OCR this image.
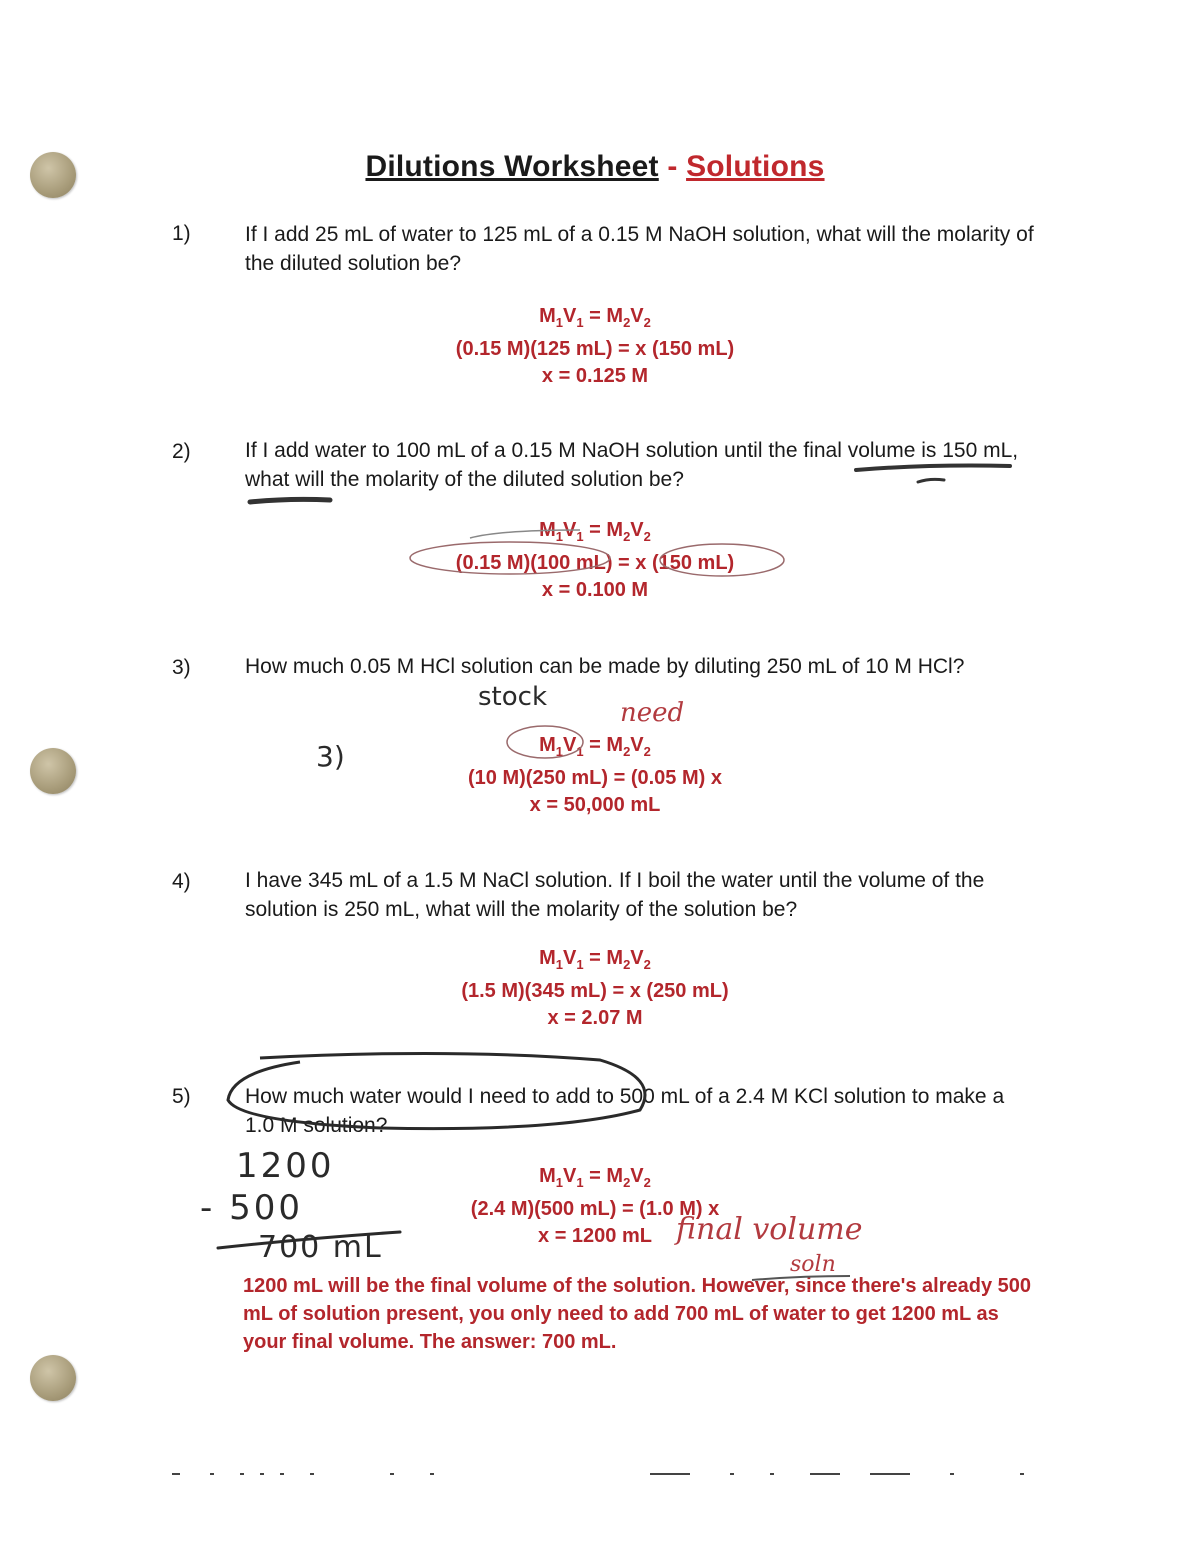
Dilutions Worksheet - Solutions
1)	If I add 25 mL of water to 125 mL of a 0.15 M NaOH solution, what will the molarity of the diluted solution be?
$M_1V_1 = M_2V_2$
(0.15 M)(125 mL) = x (150 mL)
x = 0.125 M
2)	If I add water to 100 mL of a 0.15 M NaOH solution until the final volume is 150 mL, what will the molarity of the diluted solution be?
$M_1V_1 = M_2V_2$
(0.15 M)(100 mL) = x (150 mL)
x = 0.100 M
3)	How much 0.05 M HCl solution can be made by diluting 250 mL of 10 M HCl?
$M_1V_1 = M_2V_2$
(10 M)(250 mL) = (0.05 M) x
x = 50,000 mL
stock
need
3)
4)	I have 345 mL of a 1.5 M NaCl solution. If I boil the water until the volume of the solution is 250 mL, what will the molarity of the solution be?
$M_1V_1 = M_2V_2$
(1.5 M)(345 mL) = x (250 mL)
x = 2.07 M
5)	How much water would I need to add to 500 mL of a 2.4 M KCl solution to make a 1.0 M solution?
$M_1V_1 = M_2V_2$
(2.4 M)(500 mL) = (1.0 M) x
x = 1200 mL
1200
- 500
700 mL
final volume
soln
1200 mL will be the final volume of the solution. However, since there's already 500 mL of solution present, you only need to add 700 mL of water to get 1200 mL as your final volume. The answer: 700 mL.
